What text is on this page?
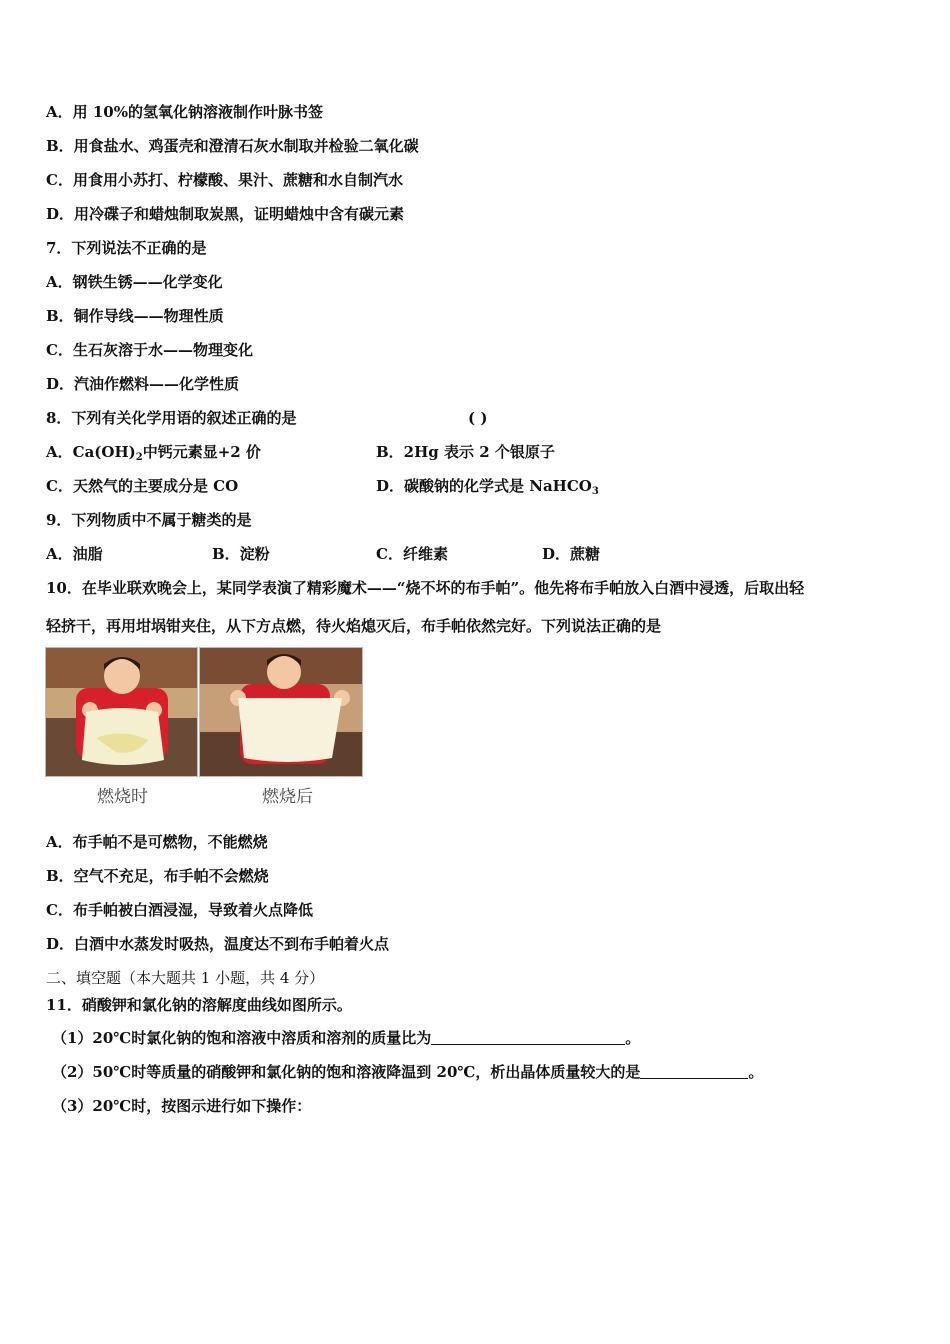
A．用 10%的氢氧化钠溶液制作叶脉书签
B．用食盐水、鸡蛋壳和澄清石灰水制取并检验二氧化碳
C．用食用小苏打、柠檬酸、果汁、蔗糖和水自制汽水
D．用冷碟子和蜡烛制取炭黑，证明蜡烛中含有碳元素
7．下列说法不正确的是
A．钢铁生锈——化学变化
B．铜作导线——物理性质
C．生石灰溶于水——物理变化
D．汽油作燃料——化学性质
8．下列有关化学用语的叙述正确的是	( )
A．$Ca(OH)_2$中钙元素显+2 价	B．2Hg 表示 2 个银原子
C．天然气的主要成分是 CO	D．碳酸钠的化学式是 NaHCO$_3$
9．下列物质中不属于糖类的是
A．油脂	B．淀粉	C．纤维素	D．蔗糖
10．在毕业联欢晚会上，某同学表演了精彩魔术——“烧不坏的布手帕”。他先将布手帕放入白酒中浸透，后取出轻
轻挤干，再用坩埚钳夹住，从下方点燃，待火焰熄灭后，布手帕依然完好。下列说法正确的是
燃烧时	燃烧后
A．布手帕不是可燃物，不能燃烧
B．空气不充足，布手帕不会燃烧
C．布手帕被白酒浸湿，导致着火点降低
D．白酒中水蒸发时吸热，温度达不到布手帕着火点
二、填空题（本大题共 1 小题，共 4 分）
11．硝酸钾和氯化钠的溶解度曲线如图所示。
（1）20℃时氯化钠的饱和溶液中溶质和溶剂的质量比为	。
（2）50℃时等质量的硝酸钾和氯化钠的饱和溶液降温到 20℃，析出晶体质量较大的是	。
（3）20℃时，按图示进行如下操作：
